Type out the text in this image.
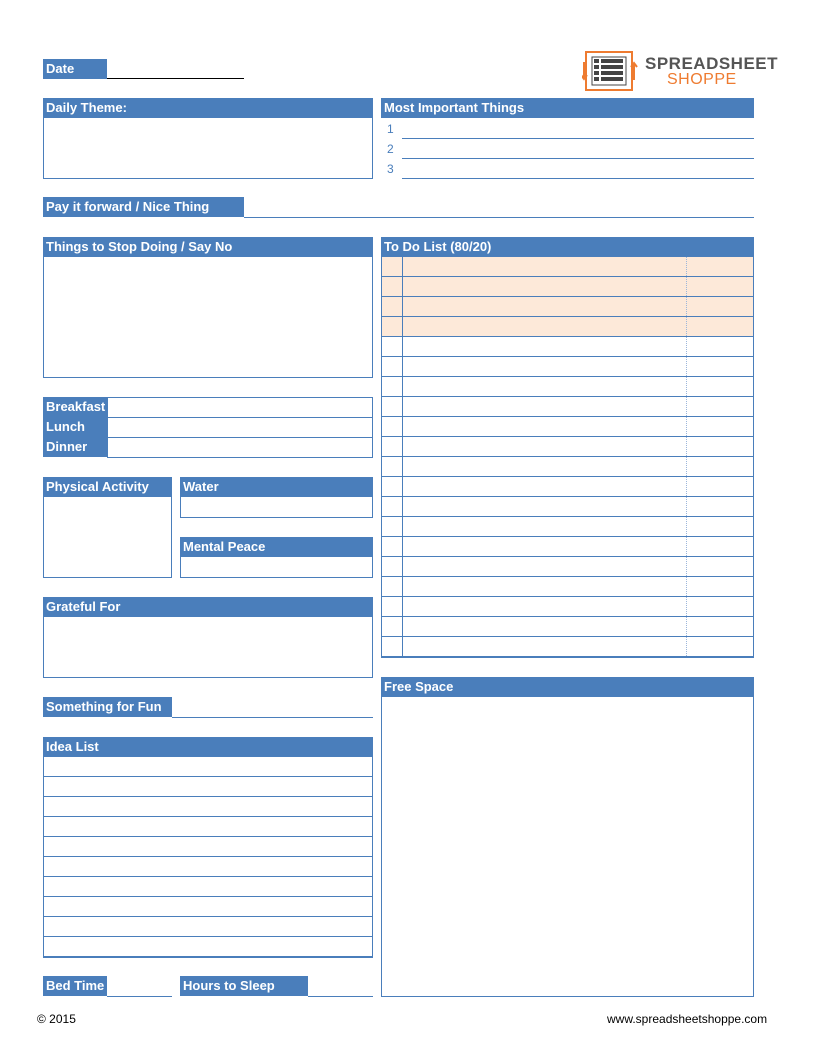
Date	SPREADSHEET
SHOPPE
Daily Theme:	Most Important Things
1
2
3
Pay it forward / Nice Thing
Things to Stop Doing / Say No	To Do List (80/20)
Breakfast
Lunch
Dinner
Physical Activity	Water
Mental Peace
Grateful For
Something for Fun
Free Space
Idea List
Bed Time	Hours to Sleep
© 2015	www.spreadsheetshoppe.com
